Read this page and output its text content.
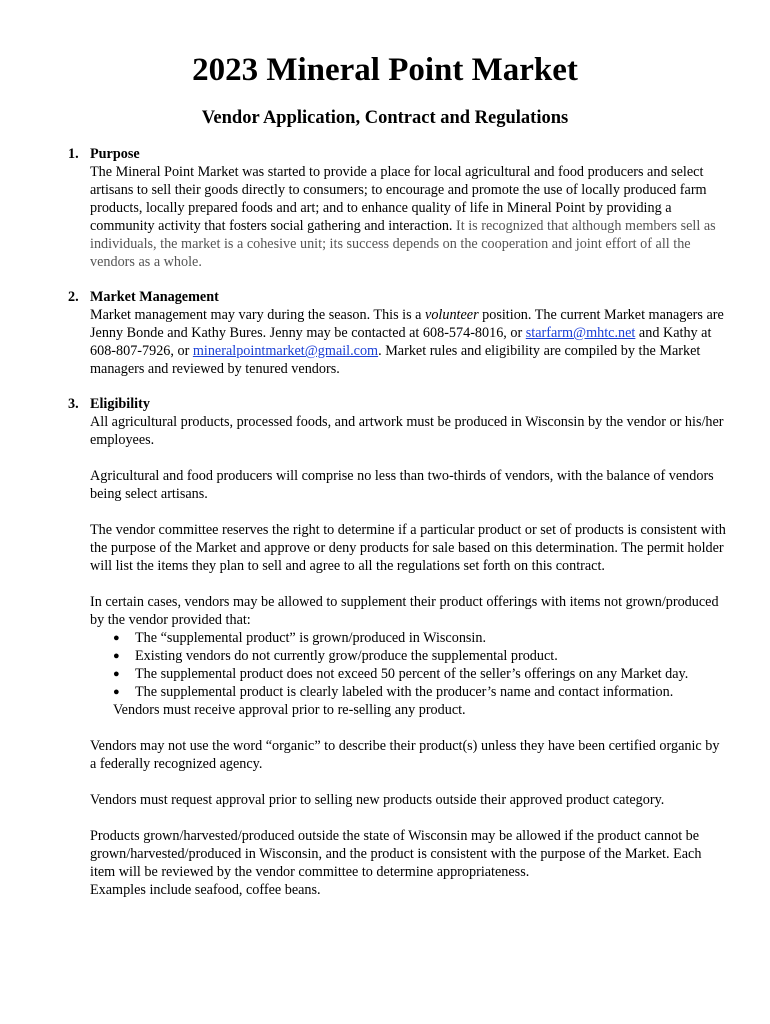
2023 Mineral Point Market
Vendor Application, Contract and Regulations
1. Purpose
The Mineral Point Market was started to provide a place for local agricultural and food producers and select artisans to sell their goods directly to consumers; to encourage and promote the use of locally produced farm products, locally prepared foods and art; and to enhance quality of life in Mineral Point by providing a community activity that fosters social gathering and interaction. It is recognized that although members sell as individuals, the market is a cohesive unit; its success depends on the cooperation and joint effort of all the vendors as a whole.
2. Market Management
Market management may vary during the season. This is a volunteer position. The current Market managers are Jenny Bonde and Kathy Bures. Jenny may be contacted at 608-574-8016, or starfarm@mhtc.net and Kathy at 608-807-7926, or mineralpointmarket@gmail.com. Market rules and eligibility are compiled by the Market managers and reviewed by tenured vendors.
3. Eligibility

All agricultural products, processed foods, and artwork must be produced in Wisconsin by the vendor or his/her employees.

Agricultural and food producers will comprise no less than two-thirds of vendors, with the balance of vendors being select artisans.

The vendor committee reserves the right to determine if a particular product or set of products is consistent with the purpose of the Market and approve or deny products for sale based on this determination. The permit holder will list the items they plan to sell and agree to all the regulations set forth on this contract.

In certain cases, vendors may be allowed to supplement their product offerings with items not grown/produced by the vendor provided that:
● The “supplemental product” is grown/produced in Wisconsin.
● Existing vendors do not currently grow/produce the supplemental product.
● The supplemental product does not exceed 50 percent of the seller’s offerings on any Market day.
● The supplemental product is clearly labeled with the producer’s name and contact information.
Vendors must receive approval prior to re-selling any product.

Vendors may not use the word “organic” to describe their product(s) unless they have been certified organic by a federally recognized agency.

Vendors must request approval prior to selling new products outside their approved product category.

Products grown/harvested/produced outside the state of Wisconsin may be allowed if the product cannot be grown/harvested/produced in Wisconsin, and the product is consistent with the purpose of the Market. Each item will be reviewed by the vendor committee to determine appropriateness.

Examples include seafood, coffee beans.
